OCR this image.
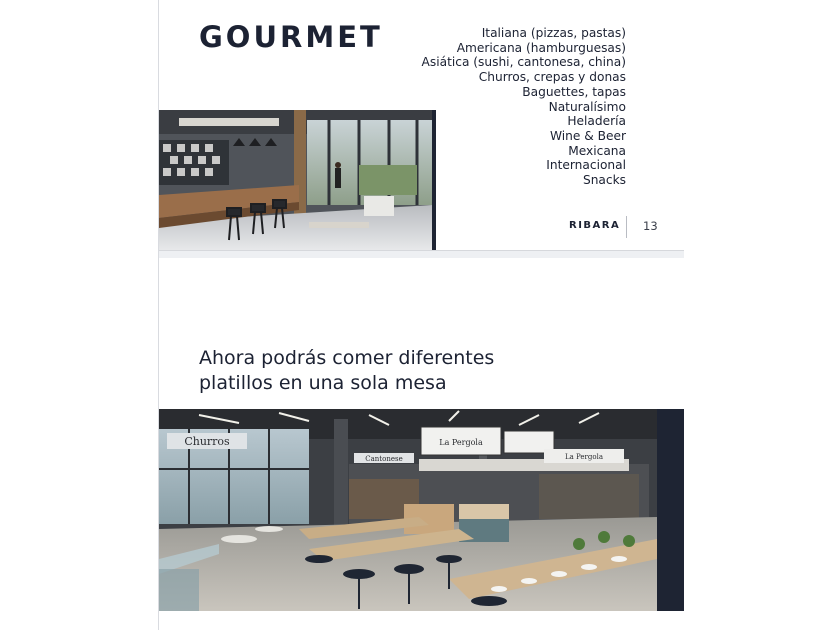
GOURMET	Italiana (pizzas, pastas)
Americana (hamburguesas)
Asiática (sushi, cantonesa, china)
Churros, crepas y donas
Baguettes, tapas
Naturalísimo
Heladería
Wine & Beer
Mexicana
Internacional
Snacks
RIBARA 13
Ahora podrás comer diferentes
platillos en una sola mesa
Churros
Cantonese
La Pergola
La Pergola
